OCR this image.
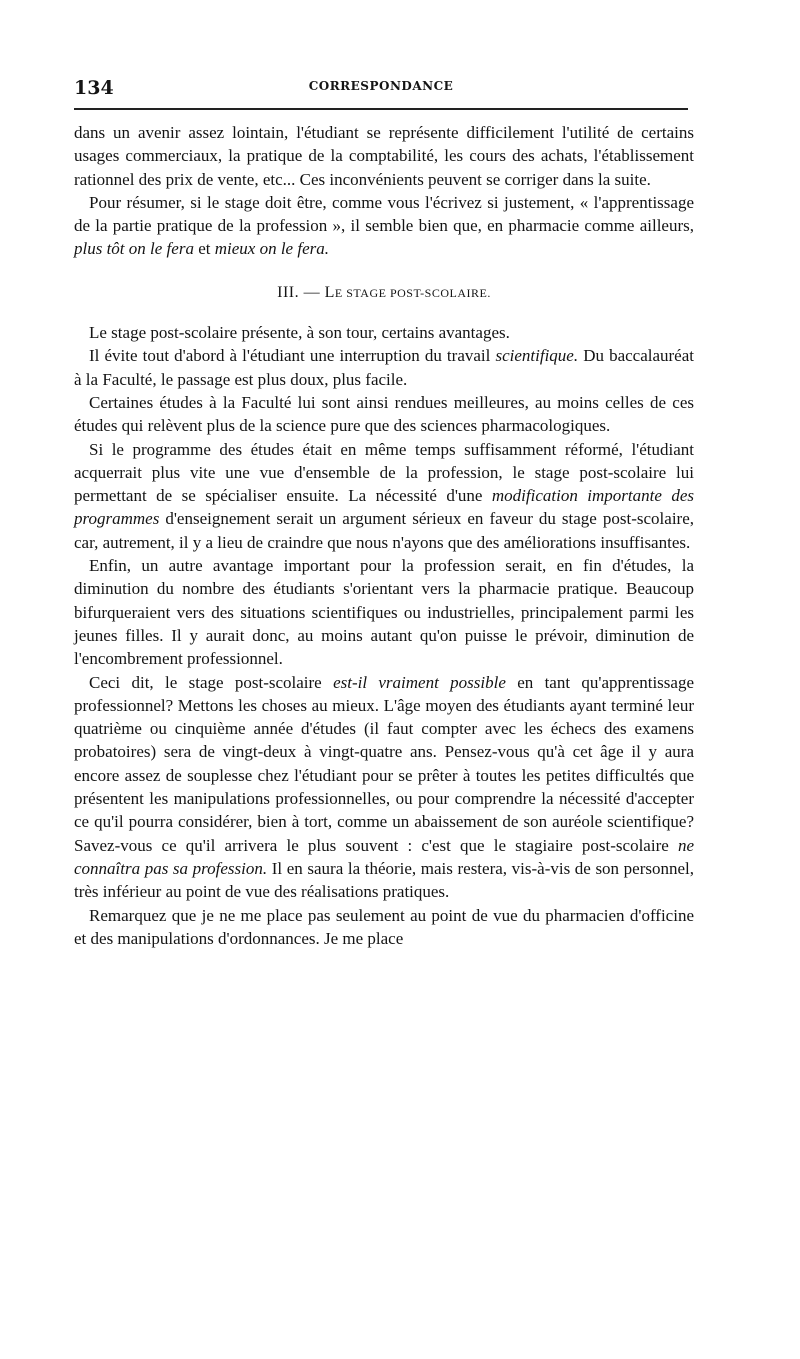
134	CORRESPONDANCE

dans un avenir assez lointain, l'étudiant se représente difficilement l'utilité de certains usages commerciaux, la pratique de la comptabilité, les cours des achats, l'établissement rationnel des prix de vente, etc... Ces inconvénients peuvent se corriger dans la suite.

Pour résumer, si le stage doit être, comme vous l'écrivez si justement, « l'apprentissage de la partie pratique de la profession », il semble bien que, en pharmacie comme ailleurs, plus tôt on le fera et mieux on le fera.

III. — LE STAGE POST-SCOLAIRE.

Le stage post-scolaire présente, à son tour, certains avantages.

Il évite tout d'abord à l'étudiant une interruption du travail scientifique. Du baccalauréat à la Faculté, le passage est plus doux, plus facile.

Certaines études à la Faculté lui sont ainsi rendues meilleures, au moins celles de ces études qui relèvent plus de la science pure que des sciences pharmacologiques.

Si le programme des études était en même temps suffisamment réformé, l'étudiant acquerrait plus vite une vue d'ensemble de la profession, le stage post-scolaire lui permettant de se spécialiser ensuite. La nécessité d'une modification importante des programmes d'enseignement serait un argument sérieux en faveur du stage post-scolaire, car, autrement, il y a lieu de craindre que nous n'ayons que des améliorations insuffisantes.

Enfin, un autre avantage important pour la profession serait, en fin d'études, la diminution du nombre des étudiants s'orientant vers la pharmacie pratique. Beaucoup bifurqueraient vers des situations scientifiques ou industrielles, principalement parmi les jeunes filles. Il y aurait donc, au moins autant qu'on puisse le prévoir, diminution de l'encombrement professionnel.

Ceci dit, le stage post-scolaire est-il vraiment possible en tant qu'apprentissage professionnel? Mettons les choses au mieux. L'âge moyen des étudiants ayant terminé leur quatrième ou cinquième année d'études (il faut compter avec les échecs des examens probatoires) sera de vingt-deux à vingt-quatre ans. Pensez-vous qu'à cet âge il y aura encore assez de souplesse chez l'étudiant pour se prêter à toutes les petites difficultés que présentent les manipulations professionnelles, ou pour comprendre la nécessité d'accepter ce qu'il pourra considérer, bien à tort, comme un abaissement de son auréole scientifique? Savez-vous ce qu'il arrivera le plus souvent : c'est que le stagiaire post-scolaire ne connaîtra pas sa profession. Il en saura la théorie, mais restera, vis-à-vis de son personnel, très inférieur au point de vue des réalisations pratiques.

Remarquez que je ne me place pas seulement au point de vue du pharmacien d'officine et des manipulations d'ordonnances. Je me place
